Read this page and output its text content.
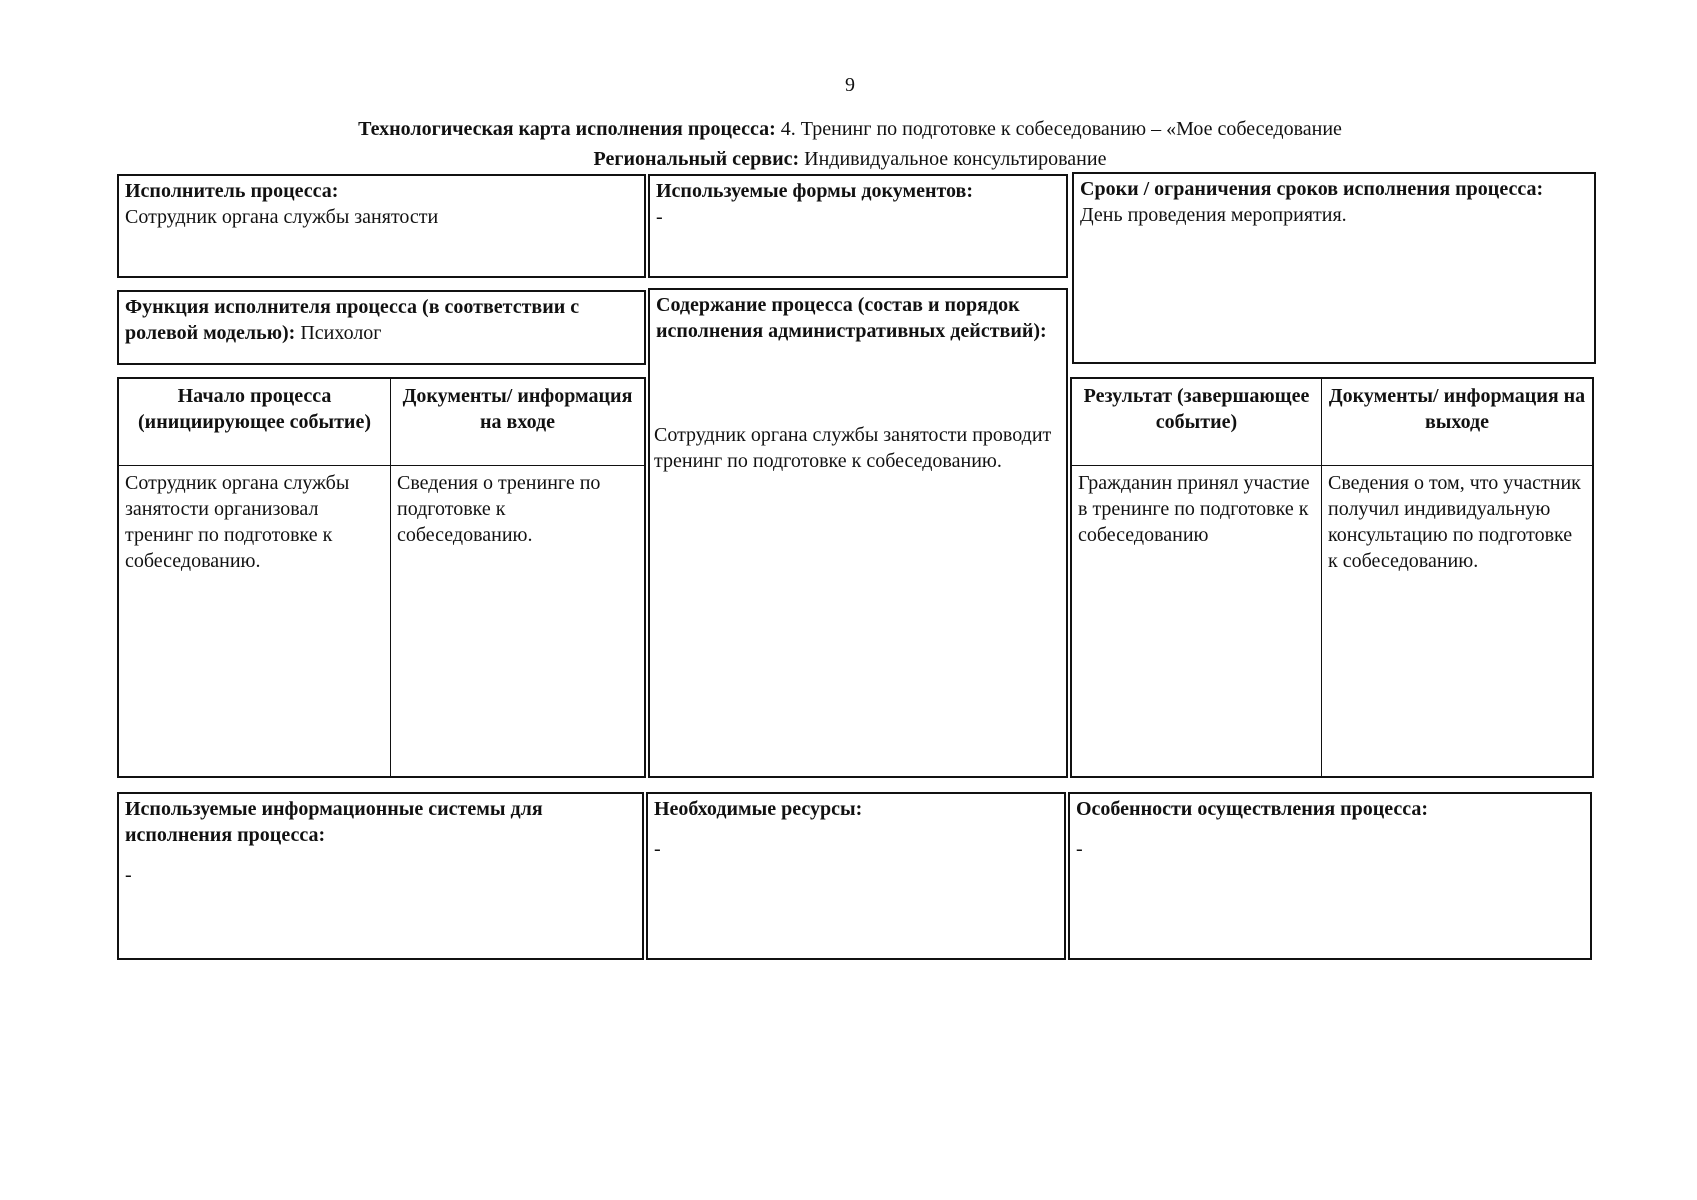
9
Технологическая карта исполнения процесса: 4. Тренинг по подготовке к собеседованию – «Мое собеседование
Региональный сервис: Индивидуальное консультирование
Исполнитель процесса:
Сотрудник органа службы занятости
Используемые формы документов:
-
Сроки / ограничения сроков исполнения процесса:
День проведения мероприятия.
Функция исполнителя процесса (в соответствии с ролевой моделью): Психолог
Содержание процесса (состав и порядок исполнения административных действий):
Сотрудник органа службы занятости проводит тренинг по подготовке к собеседованию.
Начало процесса (инициирующее событие)
Документы/ информация на входе
Сотрудник органа службы занятости организовал тренинг по подготовке к собеседованию.
Сведения о тренинге по подготовке к собеседованию.
Результат (завершающее событие)
Документы/ информация на выходе
Гражданин принял участие в тренинге по подготовке к собеседованию
Сведения о том, что участник получил индивидуальную консультацию по подготовке к собеседованию.
Используемые информационные системы для исполнения процесса:
-
Необходимые ресурсы:
-
Особенности осуществления процесса:
-
